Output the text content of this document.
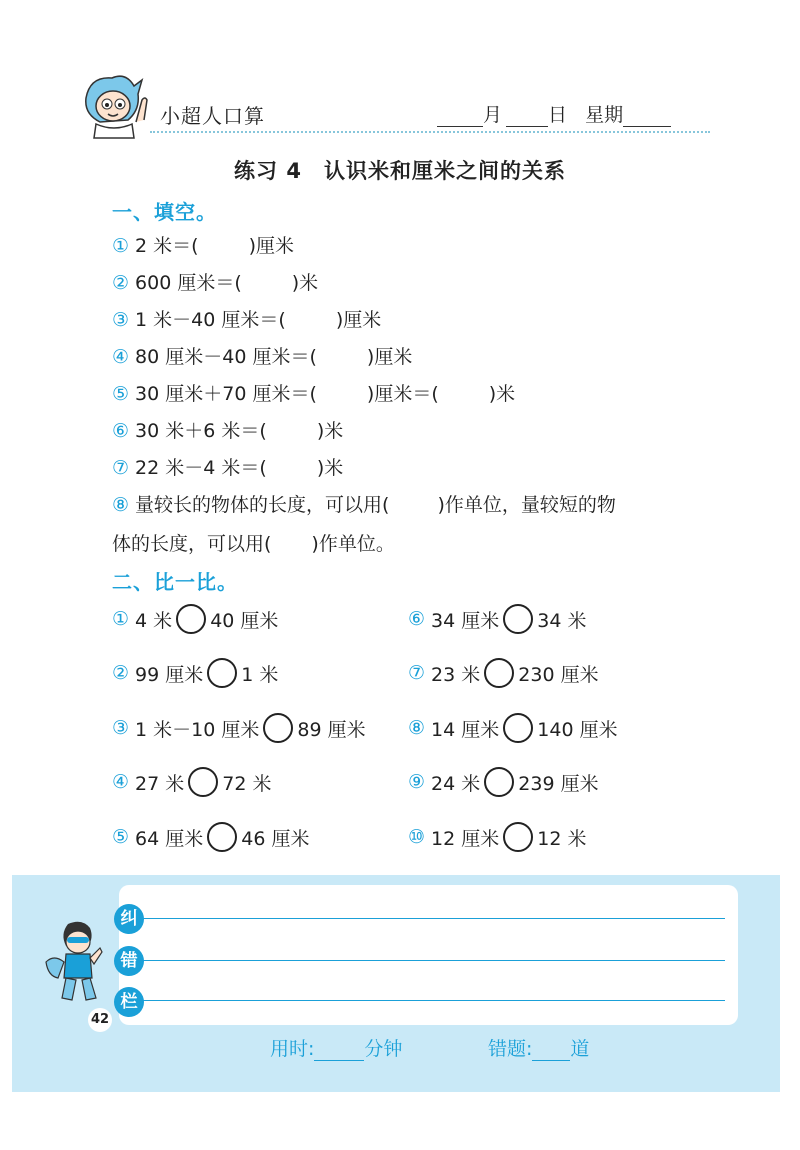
小超人口算	月 日 星期
练习 4　认识米和厘米之间的关系
一、填空。
① 2 米＝(	)厘米
② 600 厘米＝(	)米
③ 1 米－40 厘米＝(	)厘米
④ 80 厘米－40 厘米＝(	)厘米
⑤ 30 厘米＋70 厘米＝(	)厘米＝(	)米
⑥ 30 米＋6 米＝(	)米
⑦ 22 米－4 米＝(	)米
⑧ 量较长的物体的长度，可以用(	)作单位，量较短的物
体的长度，可以用( )作单位。
二、比一比。
① 4 米 40 厘米
② 99 厘米 1 米
③ 1 米－10 厘米 89 厘米
④ 27 米 72 米
⑤ 64 厘米 46 厘米
⑥ 34 厘米 34 米
⑦ 23 米 230 厘米
⑧ 14 厘米 140 厘米
⑨ 24 米 239 厘米
⑩ 12 厘米 12 米
纠
错
栏
42
用时:	分钟	错题: 道
